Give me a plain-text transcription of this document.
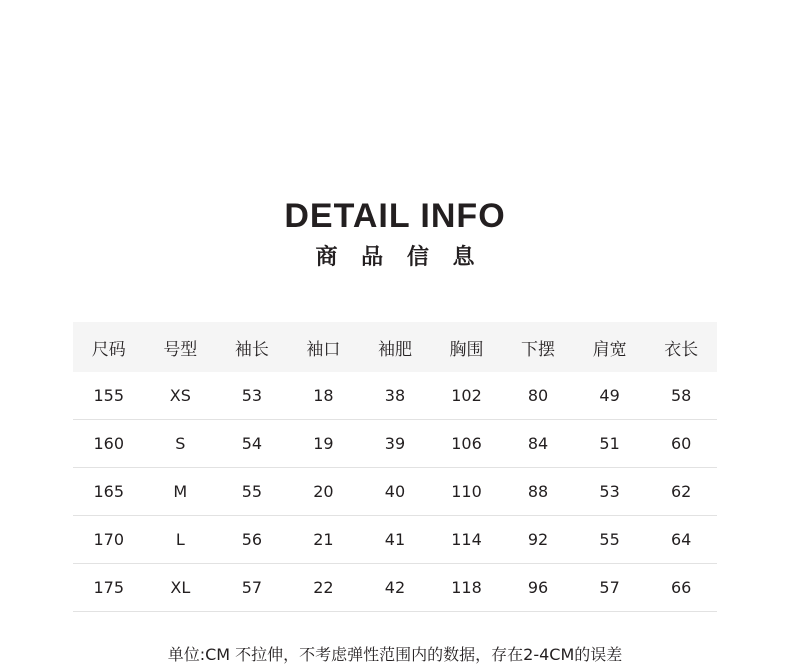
DETAIL INFO
商 品 信 息
尺码	号型	袖长	袖口	袖肥	胸围	下摆	肩宽	衣长
155	XS	53	18	38	102	80	49	58
160	S	54	19	39	106	84	51	60
165	M	55	20	40	110	88	53	62
170	L	56	21	41	114	92	55	64
175	XL	57	22	42	118	96	57	66
单位:CM 不拉伸，不考虑弹性范围内的数据，存在2-4CM的误差
